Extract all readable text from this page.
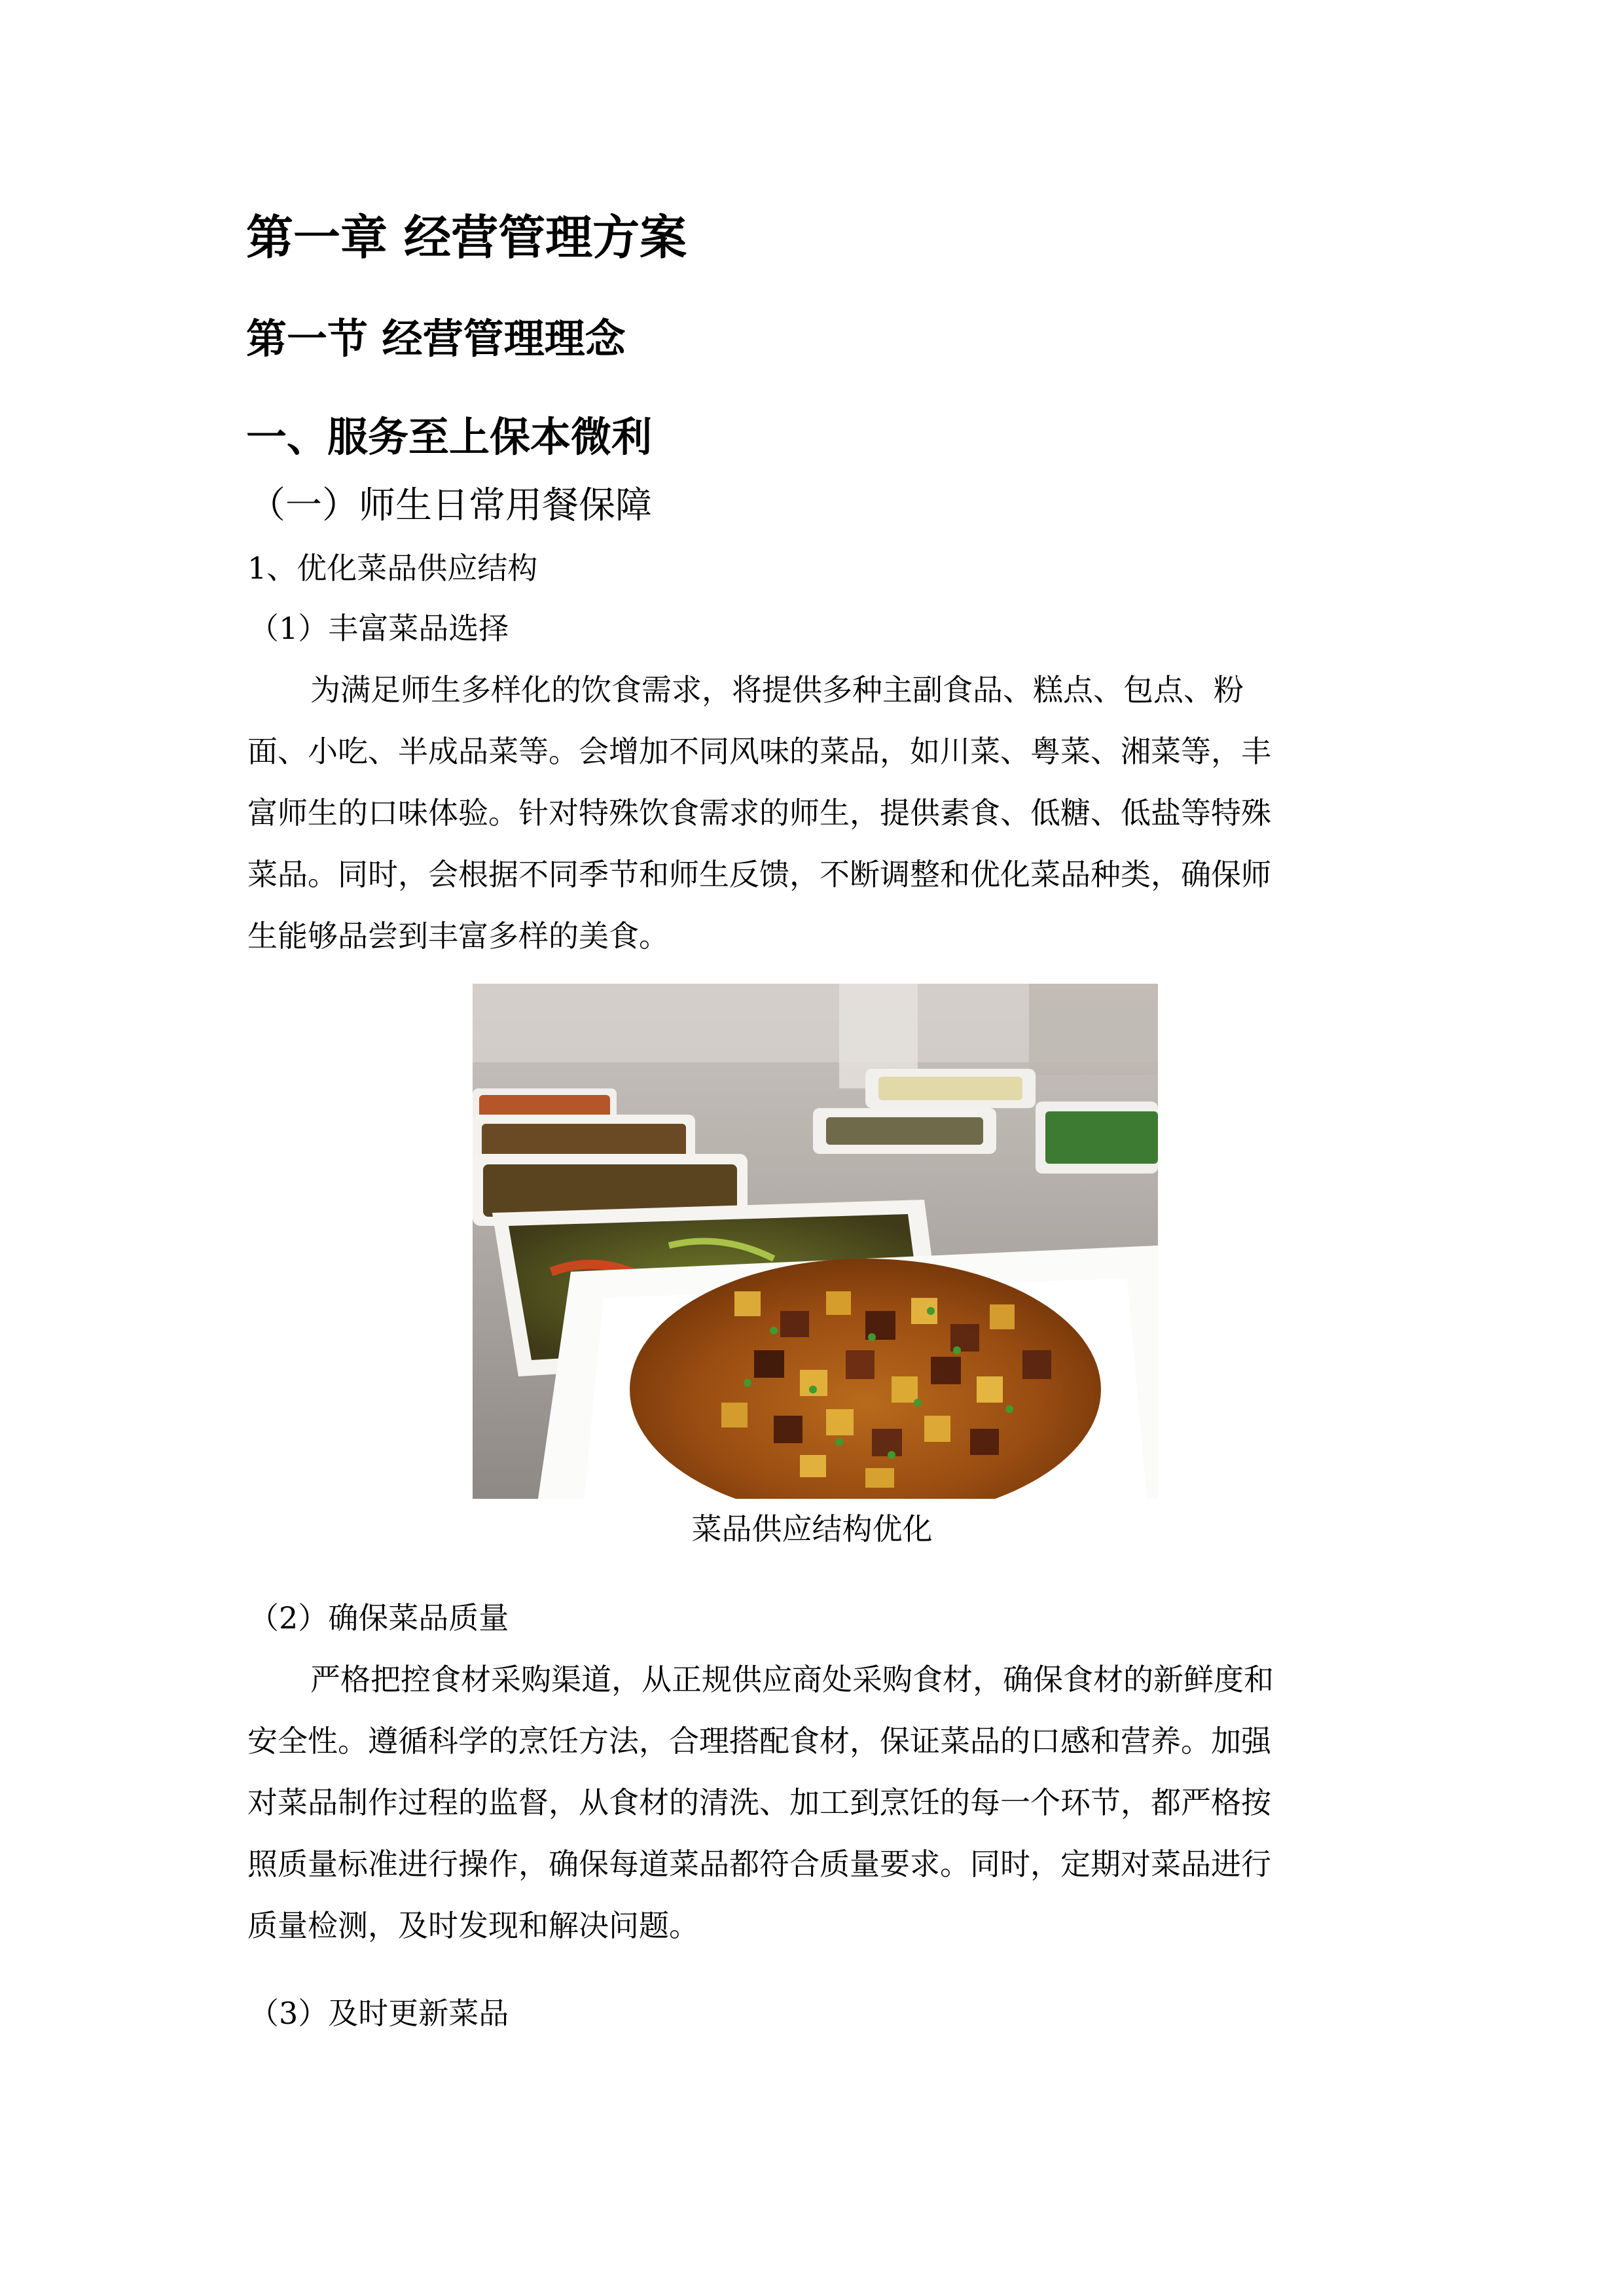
第一章 经营管理方案
第一节 经营管理理念
一、服务至上保本微利
（一）师生日常用餐保障
1、优化菜品供应结构
（1）丰富菜品选择

为满足师生多样化的饮食需求，将提供多种主副食品、糕点、包点、粉

面、小吃、半成品菜等。会增加不同风味的菜品，如川菜、粤菜、湘菜等，丰

富师生的口味体验。针对特殊饮食需求的师生，提供素食、低糖、低盐等特殊

菜品。同时，会根据不同季节和师生反馈，不断调整和优化菜品种类，确保师

生能够品尝到丰富多样的美食。

菜品供应结构优化
（2）确保菜品质量

严格把控食材采购渠道，从正规供应商处采购食材，确保食材的新鲜度和

安全性。遵循科学的烹饪方法，合理搭配食材，保证菜品的口感和营养。加强

对菜品制作过程的监督，从食材的清洗、加工到烹饪的每一个环节，都严格按

照质量标准进行操作，确保每道菜品都符合质量要求。同时，定期对菜品进行

质量检测，及时发现和解决问题。

（3）及时更新菜品
